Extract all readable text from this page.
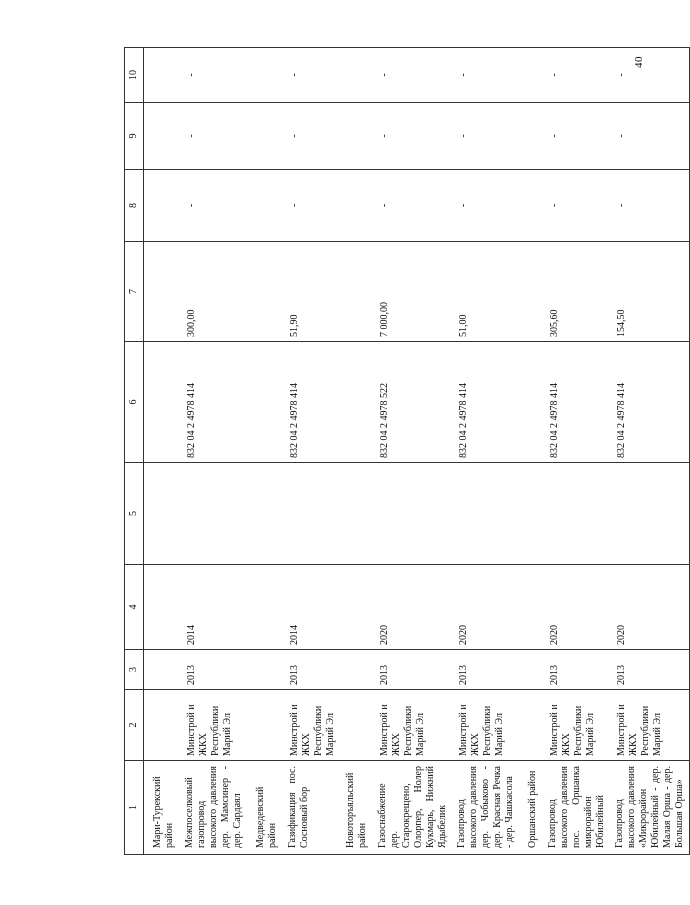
40
1	2	3	4	5	6	7	8	9	10
Мари-Турекский район									
Межпоселковый газопровод высокого давления дер. Мамсинер - дер. Сардаял	Минстрой и ЖКХ Республики Марий Эл	2013	2014		832 04 2 4978 414	300,00	-	-	-
Медведевский район									
Газификация пос. Сосновый бор	Минстрой и ЖКХ Республики Марий Эл	2013	2014		832 04 2 4978 414	51,90	-	-	-
Новоторъяльский район									
Газоснабжение дер. Старокрещено, Олорпер, Нолер Кукмарь, Нижний Ядыбелик	Минстрой и ЖКХ Республики Марий Эл	2013	2020		832 04 2 4978 522	7 000,00	-	-	-
Газопровод высокого давления дер. Чобыково - дер. Красная Речка - дер. Чашкасола	Минстрой и ЖКХ Республики Марий Эл	2013	2020		832 04 2 4978 414	51,00	-	-	-
Оршанский район									
Газопровод высокого давления пос. Оршанка микрорайон Юбилейный	Минстрой и ЖКХ Республики Марий Эл	2013	2020		832 04 2 4978 414	305,60	-	-	-
Газопровод высокого давления «Микрорайон Юбилейный - дер. Малая Орша - дер. Большая Орша»	Минстрой и ЖКХ Республики Марий Эл	2013	2020		832 04 2 4978 414	154,50	-	-	-
